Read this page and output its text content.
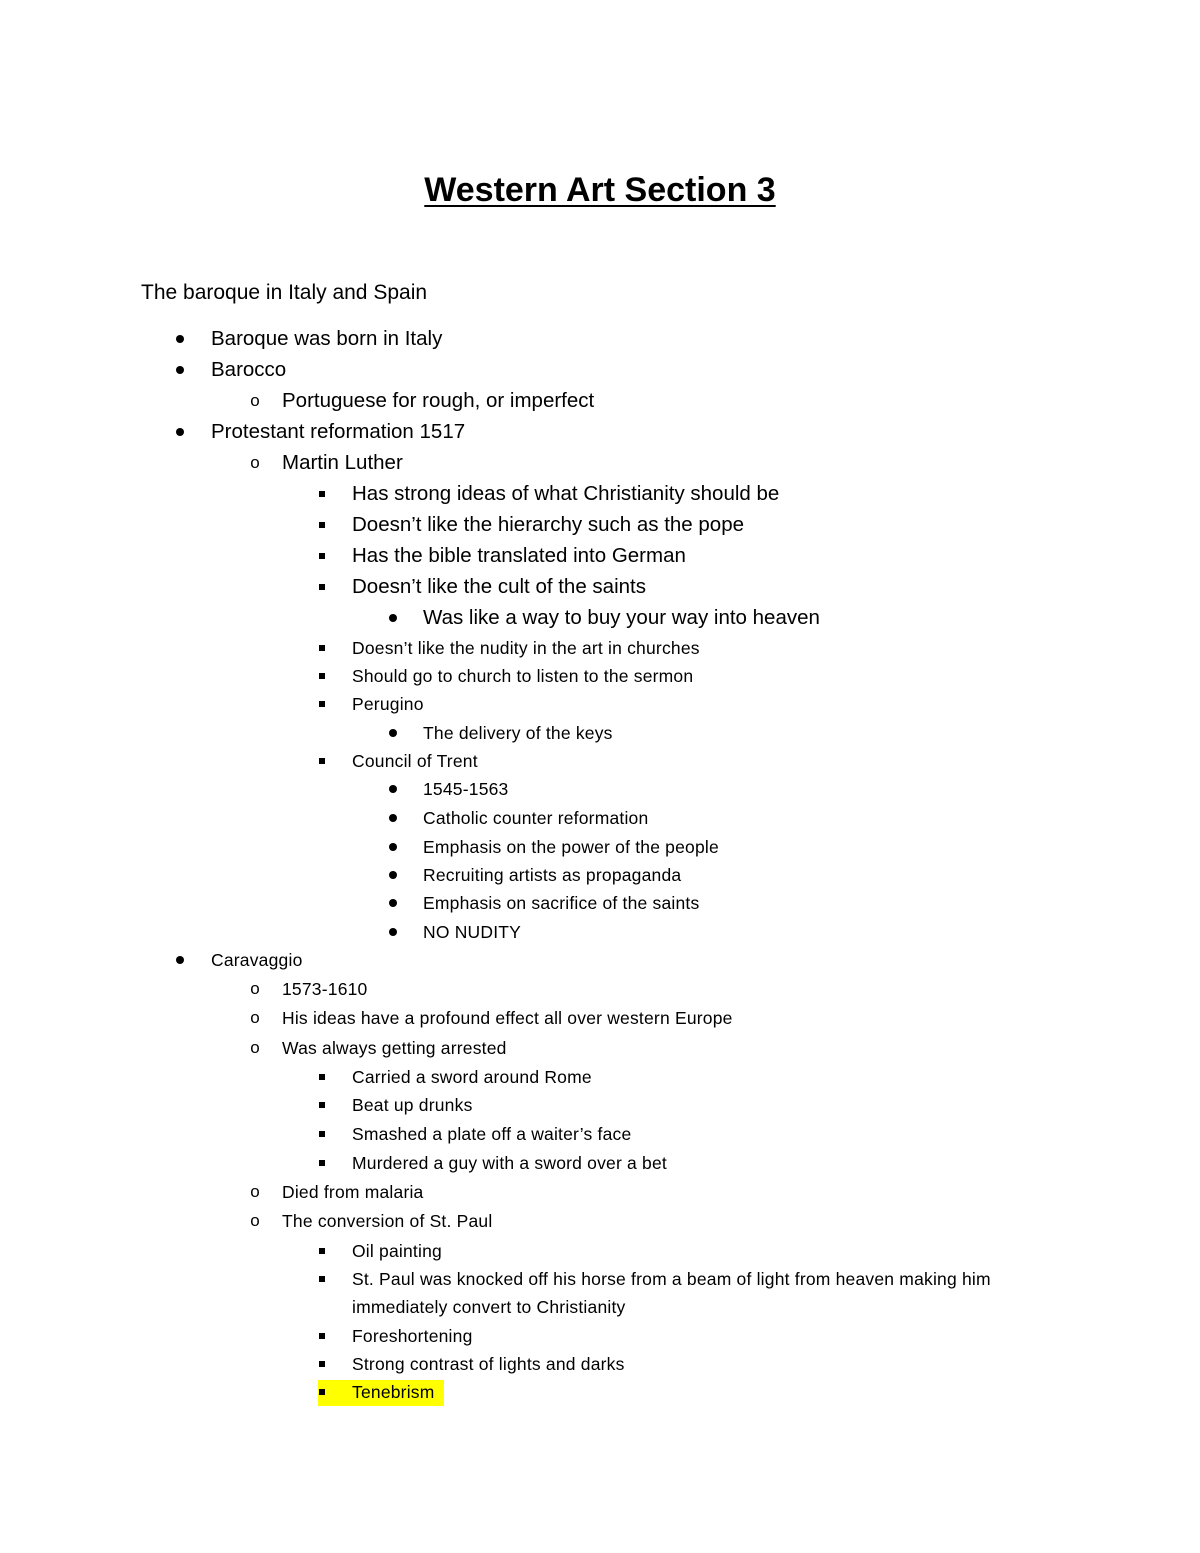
Western Art Section 3
The baroque in Italy and Spain
Baroque was born in Italy
Barocco
o Portuguese for rough, or imperfect
Protestant reformation 1517
o Martin Luther
Has strong ideas of what Christianity should be
Doesn’t like the hierarchy such as the pope
Has the bible translated into German
Doesn’t like the cult of the saints
Was like a way to buy your way into heaven
Doesn’t like the nudity in the art in churches
Should go to church to listen to the sermon
Perugino
The delivery of the keys
Council of Trent
1545-1563
Catholic counter reformation
Emphasis on the power of the people
Recruiting artists as propaganda
Emphasis on sacrifice of the saints
NO NUDITY
Caravaggio
o	1573-1610
o	His ideas have a profound effect all over western Europe
o	Was always getting arrested
Carried a sword around Rome
Beat up drunks
Smashed a plate off a waiter’s face
Murdered a guy with a sword over a bet
o	Died from malaria
o	The conversion of St. Paul
Oil painting
St. Paul was knocked off his horse from a beam of light from heaven making him immediately convert to Christianity
Foreshortening
Strong contrast of lights and darks
Tenebrism
